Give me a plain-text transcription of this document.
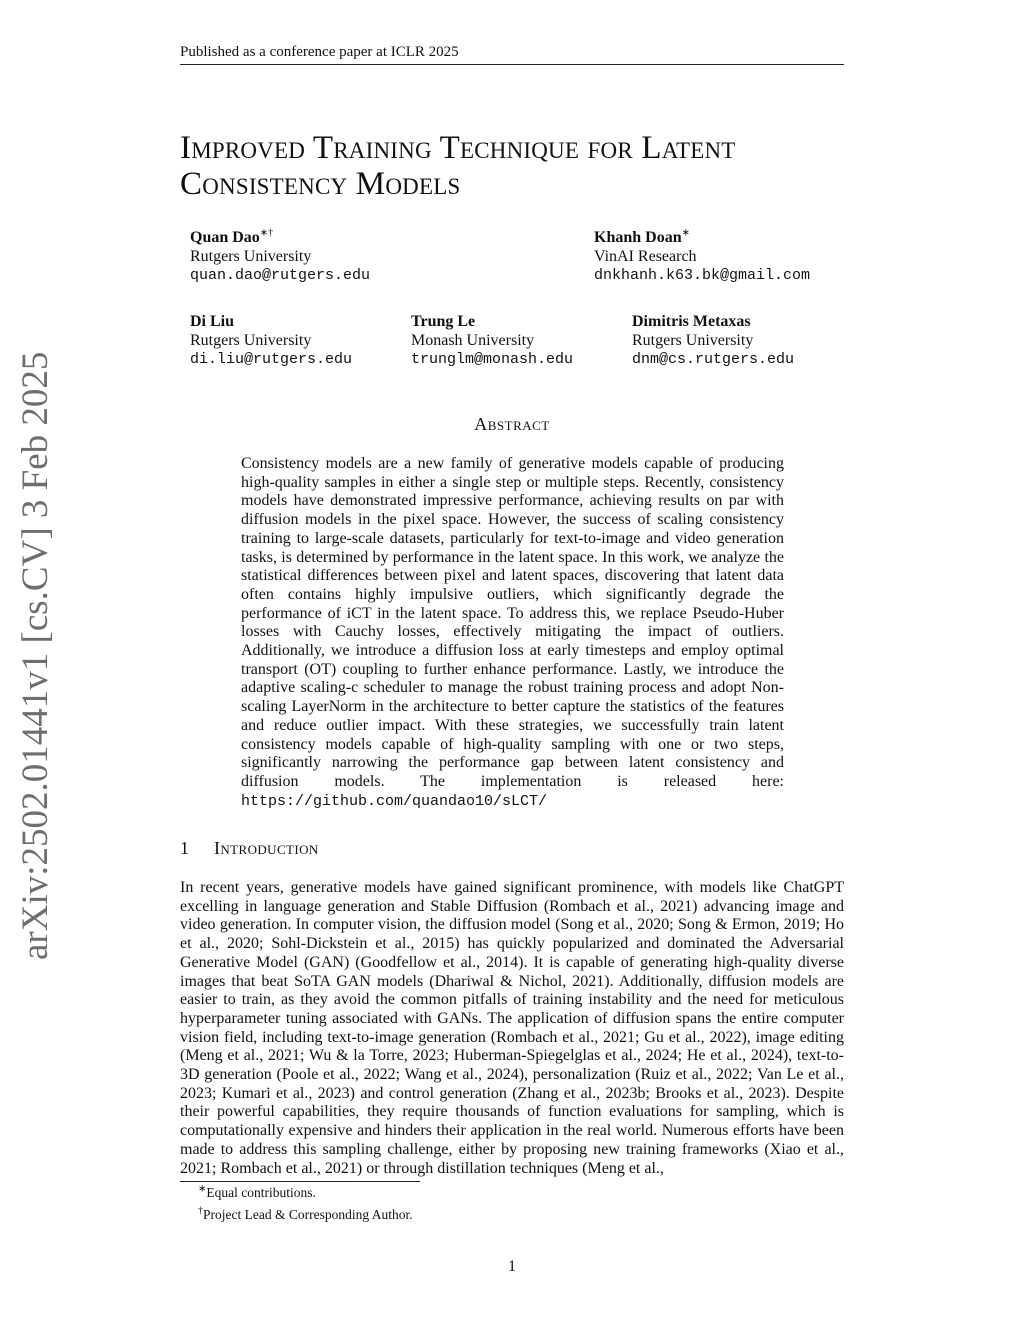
Published as a conference paper at ICLR 2025
arXiv:2502.01441v1 [cs.CV] 3 Feb 2025
Improved Training Technique for Latent Consistency Models
Quan Dao∗†
Rutgers University
quan.dao@rutgers.edu
Khanh Doan∗
VinAI Research
dnkhanh.k63.bk@gmail.com
Di Liu
Rutgers University
di.liu@rutgers.edu
Trung Le
Monash University
trunglm@monash.edu
Dimitris Metaxas
Rutgers University
dnm@cs.rutgers.edu
Abstract
Consistency models are a new family of generative models capable of producing high-quality samples in either a single step or multiple steps. Recently, consistency models have demonstrated impressive performance, achieving results on par with diffusion models in the pixel space. However, the success of scaling consistency training to large-scale datasets, particularly for text-to-image and video generation tasks, is determined by performance in the latent space. In this work, we analyze the statistical differences between pixel and latent spaces, discovering that latent data often contains highly impulsive outliers, which significantly degrade the performance of iCT in the latent space. To address this, we replace Pseudo-Huber losses with Cauchy losses, effectively mitigating the impact of outliers. Additionally, we introduce a diffusion loss at early timesteps and employ optimal transport (OT) coupling to further enhance performance. Lastly, we introduce the adaptive scaling-c scheduler to manage the robust training process and adopt Non-scaling LayerNorm in the architecture to better capture the statistics of the features and reduce outlier impact. With these strategies, we successfully train latent consistency models capable of high-quality sampling with one or two steps, significantly narrowing the performance gap between latent consistency and diffusion models. The implementation is released here: https://github.com/quandao10/sLCT/
1 Introduction
In recent years, generative models have gained significant prominence, with models like ChatGPT excelling in language generation and Stable Diffusion (Rombach et al., 2021) advancing image and video generation. In computer vision, the diffusion model (Song et al., 2020; Song & Ermon, 2019; Ho et al., 2020; Sohl-Dickstein et al., 2015) has quickly popularized and dominated the Adversarial Generative Model (GAN) (Goodfellow et al., 2014). It is capable of generating high-quality diverse images that beat SoTA GAN models (Dhariwal & Nichol, 2021). Additionally, diffusion models are easier to train, as they avoid the common pitfalls of training instability and the need for meticulous hyperparameter tuning associated with GANs. The application of diffusion spans the entire computer vision field, including text-to-image generation (Rombach et al., 2021; Gu et al., 2022), image editing (Meng et al., 2021; Wu & la Torre, 2023; Huberman-Spiegelglas et al., 2024; He et al., 2024), text-to-3D generation (Poole et al., 2022; Wang et al., 2024), personalization (Ruiz et al., 2022; Van Le et al., 2023; Kumari et al., 2023) and control generation (Zhang et al., 2023b; Brooks et al., 2023). Despite their powerful capabilities, they require thousands of function evaluations for sampling, which is computationally expensive and hinders their application in the real world. Numerous efforts have been made to address this sampling challenge, either by proposing new training frameworks (Xiao et al., 2021; Rombach et al., 2021) or through distillation techniques (Meng et al.,
∗Equal contributions.
†Project Lead & Corresponding Author.
1
